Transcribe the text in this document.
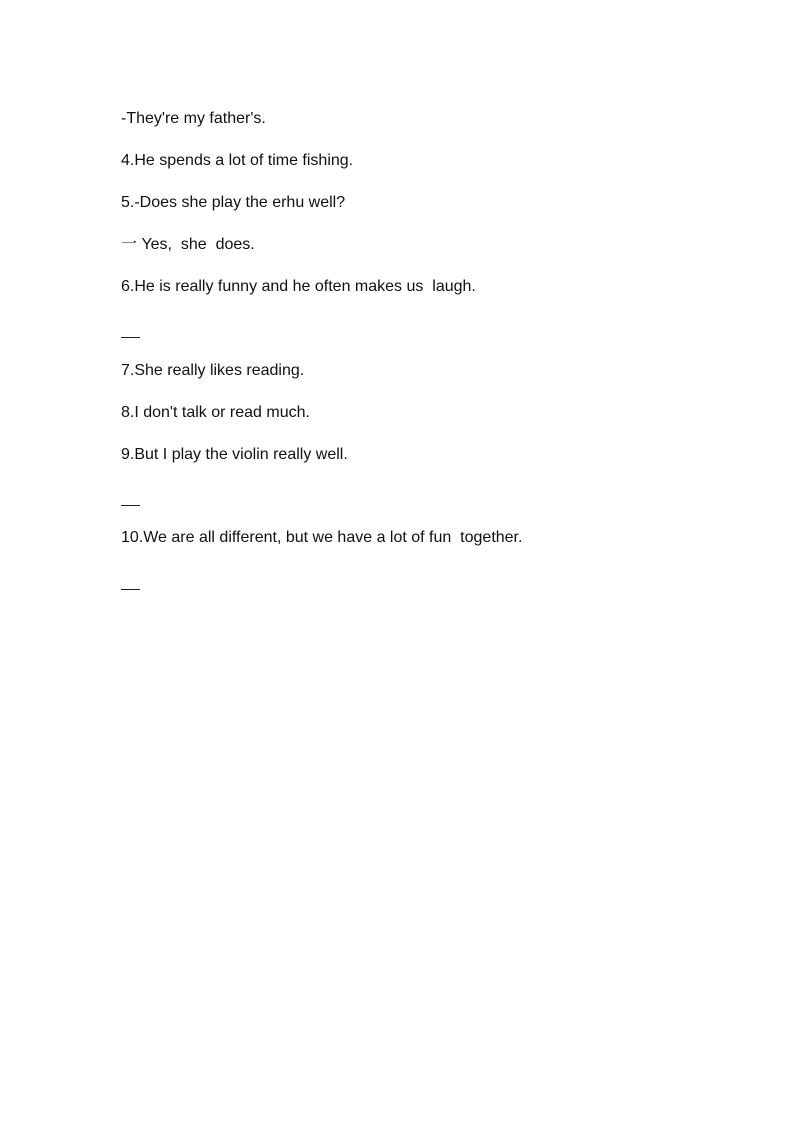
-They're my father's.
4.He spends a lot of time fishing.
5.-Does she play the erhu well?
一 Yes,  she  does.
6.He is really funny and he often makes us  laugh.
7.She really likes reading.
8.I don't talk or read much.
9.But I play the violin really well.
10.We are all different, but we have a lot of fun  together.
